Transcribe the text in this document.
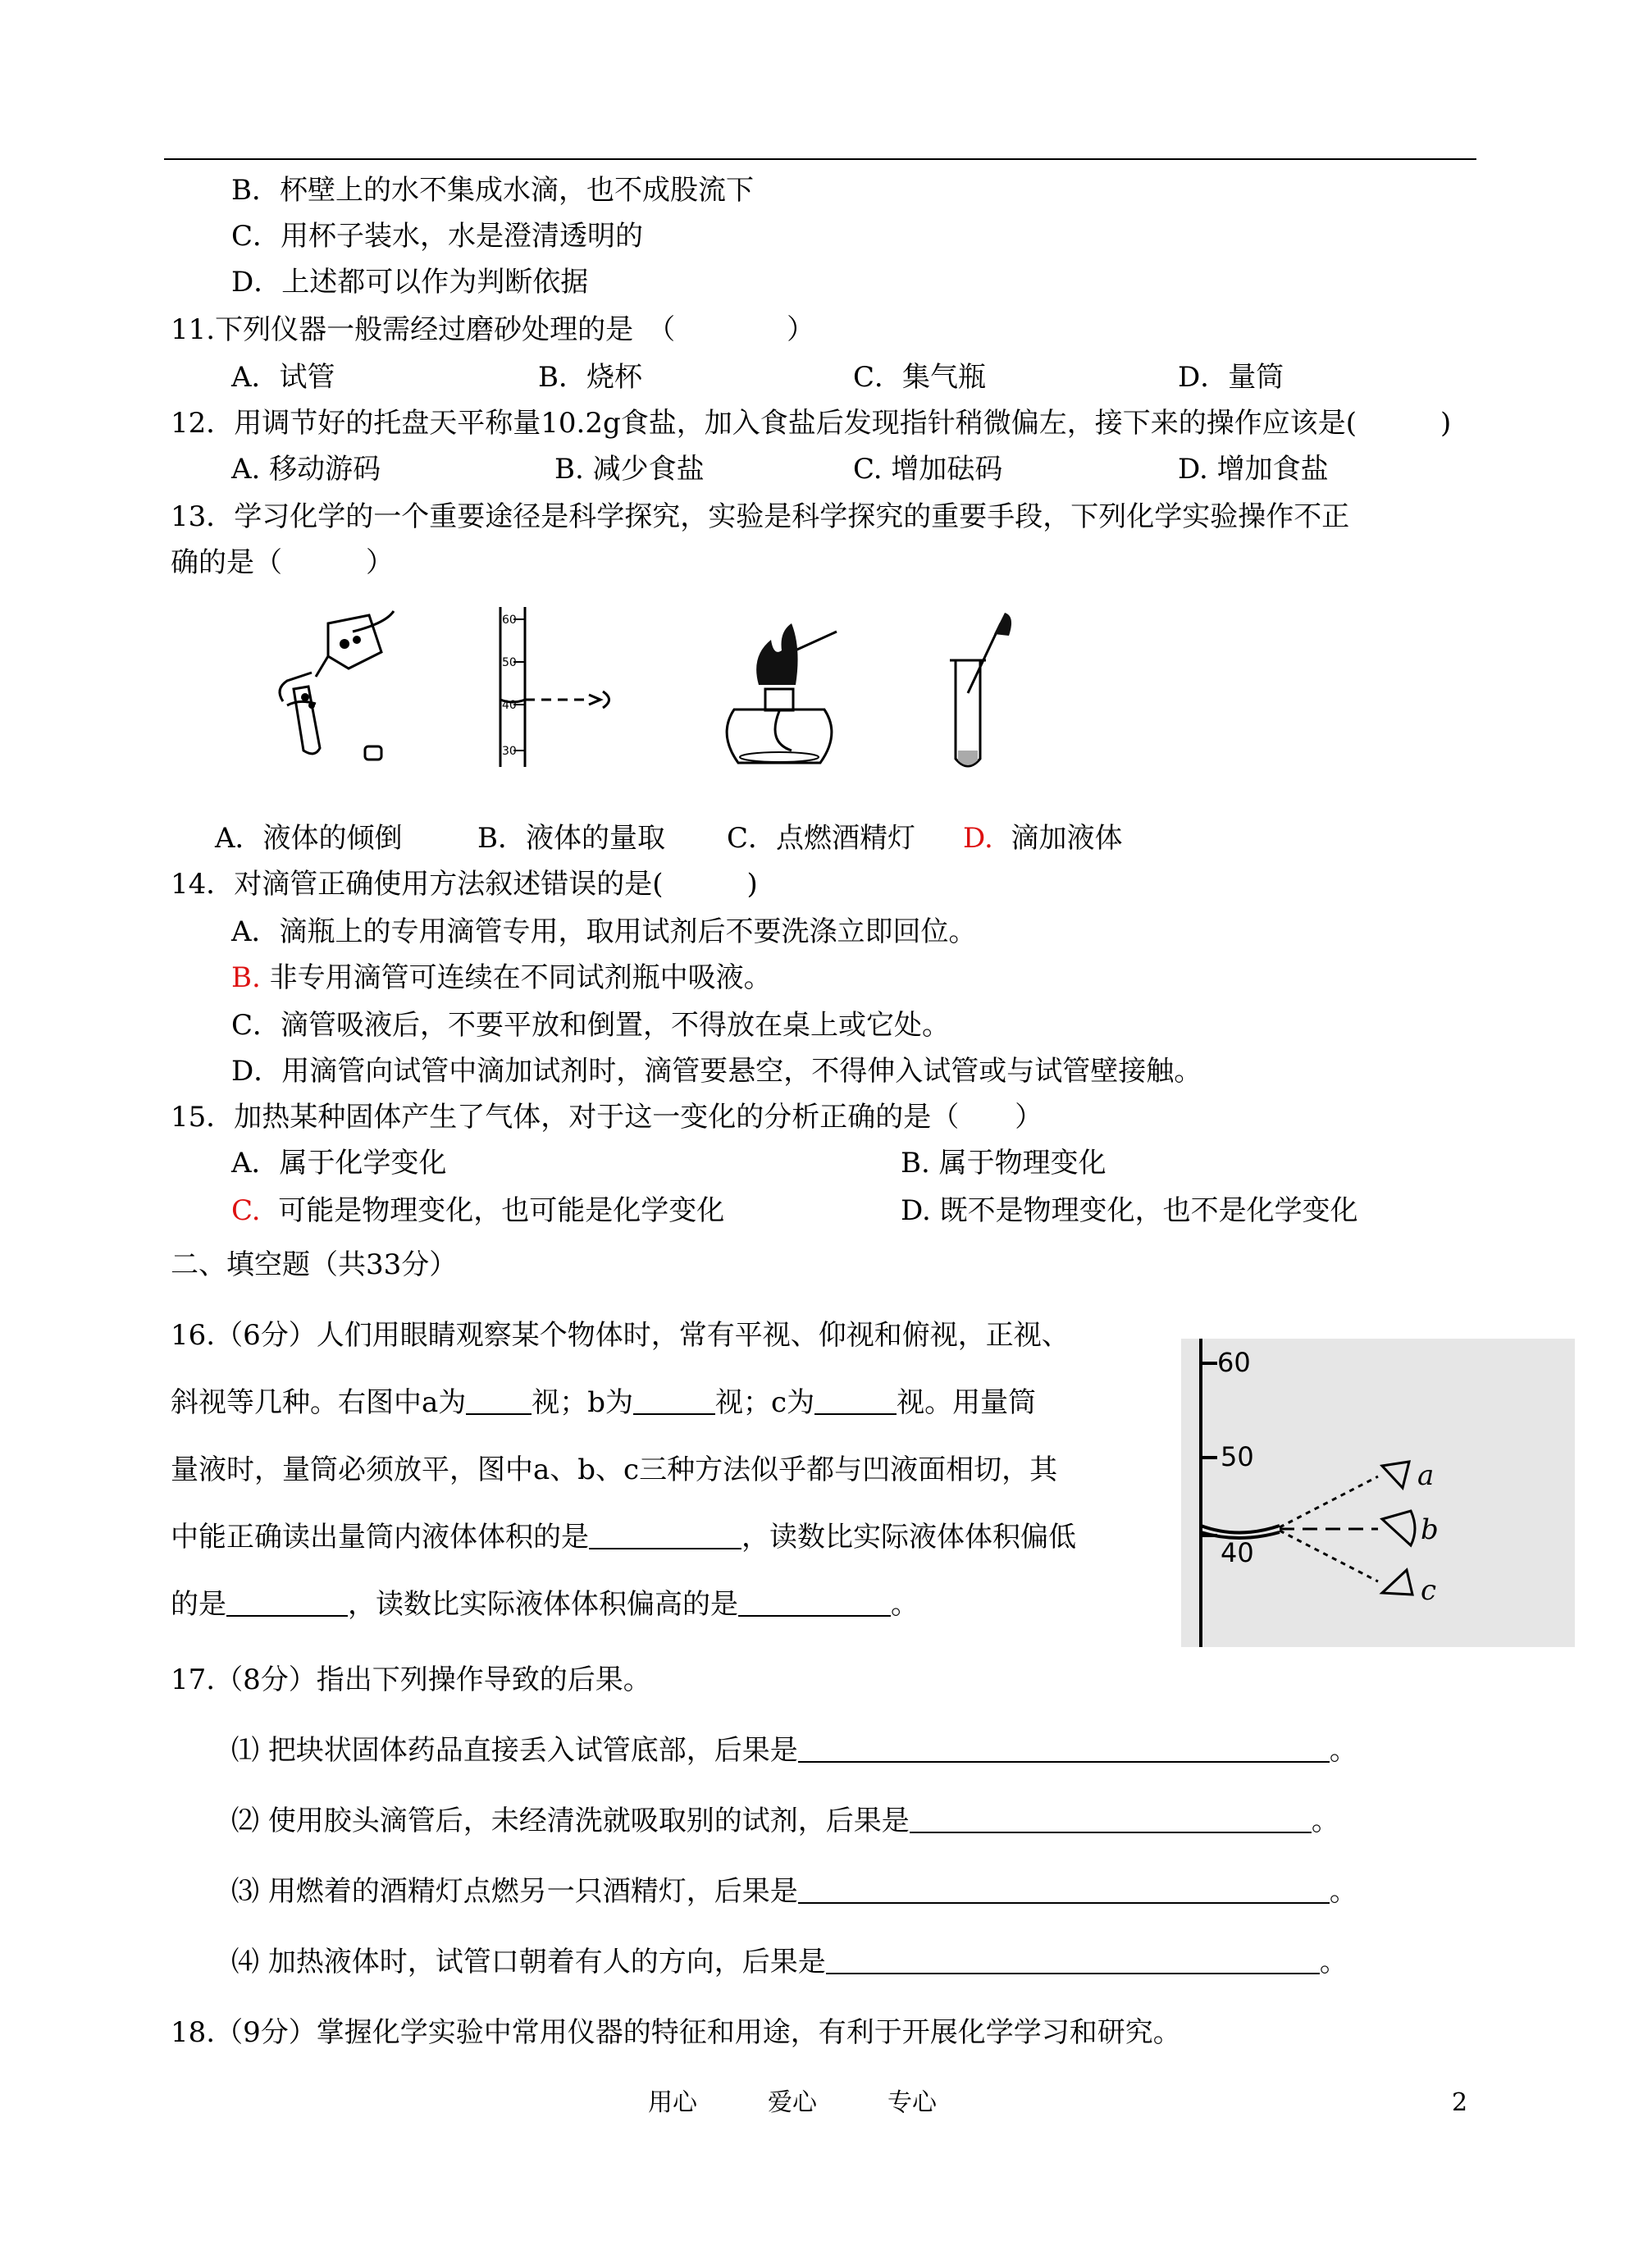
B．杯壁上的水不集成水滴，也不成股流下
C．用杯子装水，水是澄清透明的
D．上述都可以作为判断依据
11.下列仪器一般需经过磨砂处理的是　（　　　　）
A．试管	B．烧杯	C．集气瓶	D．量筒
12．用调节好的托盘天平称量10.2g食盐，加入食盐后发现指针稍微偏左，接下来的操作应该是(　　　)
A. 移动游码	B. 减少食盐	C. 增加砝码	D. 增加食盐
13．学习化学的一个重要途径是科学探究，实验是科学探究的重要手段，下列化学实验操作不正
确的是（　　　）
60
50
40
30
A．液体的倾倒	B．液体的量取 C．点燃酒精灯 D. 滴加液体
14．对滴管正确使用方法叙述错误的是(　　　)
A．滴瓶上的专用滴管专用，取用试剂后不要洗涤立即回位。
B. 非专用滴管可连续在不同试剂瓶中吸液。
C．滴管吸液后，不要平放和倒置，不得放在桌上或它处。
D．用滴管向试管中滴加试剂时，滴管要悬空，不得伸入试管或与试管壁接触。
15．加热某种固体产生了气体，对于这一变化的分析正确的是（　　）
A．属于化学变化	B. 属于物理变化
C. 可能是物理变化，也可能是化学变化	D. 既不是物理变化，也不是化学变化
二、填空题（共33分）
16.（6分）人们用眼睛观察某个物体时，常有平视、仰视和俯视，正视、
斜视等几种。右图中a为 视；b为	视；c为	视。用量筒
量液时，量筒必须放平，图中a、b、c三种方法似乎都与凹液面相切，其
中能正确读出量筒内液体体积的是	，读数比实际液体体积偏低
的是	，读数比实际液体体积偏高的是	。
60
50
40
a
b
c
17.（8分）指出下列操作导致的后果。
⑴ 把块状固体药品直接丢入试管底部，后果是	。
⑵ 使用胶头滴管后，未经清洗就吸取别的试剂，后果是	。
⑶ 用燃着的酒精灯点燃另一只酒精灯，后果是	。
⑷ 加热液体时，试管口朝着有人的方向，后果是	。
18.（9分）掌握化学实验中常用仪器的特征和用途，有利于开展化学学习和研究。
用心	爱心	专心	2
